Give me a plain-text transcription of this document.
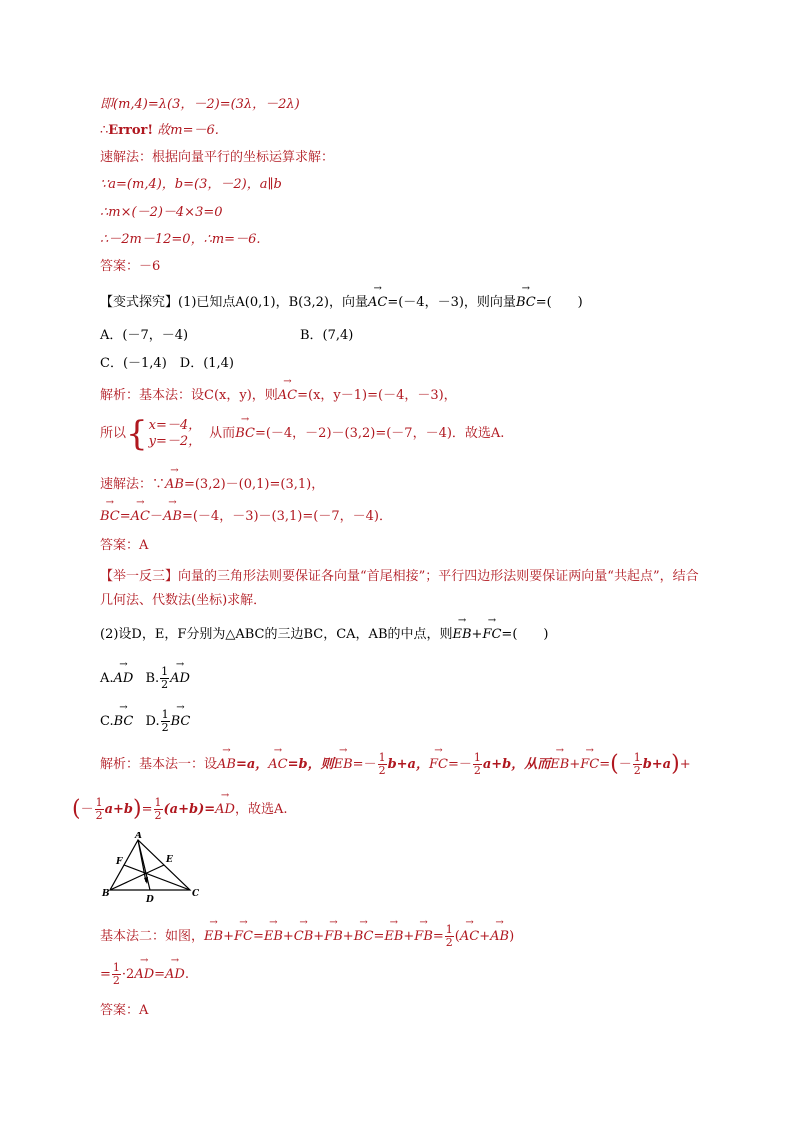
即(m,4)=λ(3，－2)=(3λ，－2λ)
∴Error! 故m=－6.
速解法：根据向量平行的坐标运算求解：
∵a=(m,4)，b=(3，－2)，a∥b
∴m×(－2)－4×3=0
∴－2m－12=0，∴m=－6.
答案：－6
【变式探究】(1)已知点A(0,1)，B(3,2)，向量→ AC=(－4，－3)，则向量→ BC=(　　)
A．(－7，－4)	B．(7,4)
C．(－1,4)　D．(1,4)
解析：基本法：设C(x，y)，则→ AC=(x，y－1)=(－4，－3)，
所以 { x=－4，
y=－2，
从而 → BC =(－4，－2)－(3,2)=(－7，－4)．故选A.
速解法：∵→ AB=(3,2)－(0,1)=(3,1)，
→ BC=→ AC－→ AB=(－4，－3)－(3,1)=(－7，－4)．
答案：A
【举一反三】向量的三角形法则要保证各向量“首尾相接”；平行四边形法则要保证两向量“共起点”，结合几何法、代数法(坐标)求解．
(2)设D，E，F分别为△ABC的三边BC，CA，AB的中点，则→ EB+→ FC=(　　)
A.→ AD B. $\frac{1}{2}$ → AD
C.→ BC D. $\frac{1}{2}$ → BC
解析：基本法一：设→ AB=a，→ AC=b，则→ $EB=- \frac{1}{2} b+a$，→ $FC=- \frac{1}{2} a+b$，从而→ $EB+\to FC=(- \frac{1}{2} b+a)+$
(－ $\frac{1}{2} a+b)= \frac{1}{2} (a+b)=\to$ AD，故选A.
A
B	C
D
E
F
基本法二：如图，→ $EB+\to FC=\to EB+\to CB+\to FB+\to BC=\to EB+\to FB= \frac{1}{2}$ (→ AC+→ AB)
= $\frac{1}{2} \cdot 2\to AD=\to$ AD.
答案：A
